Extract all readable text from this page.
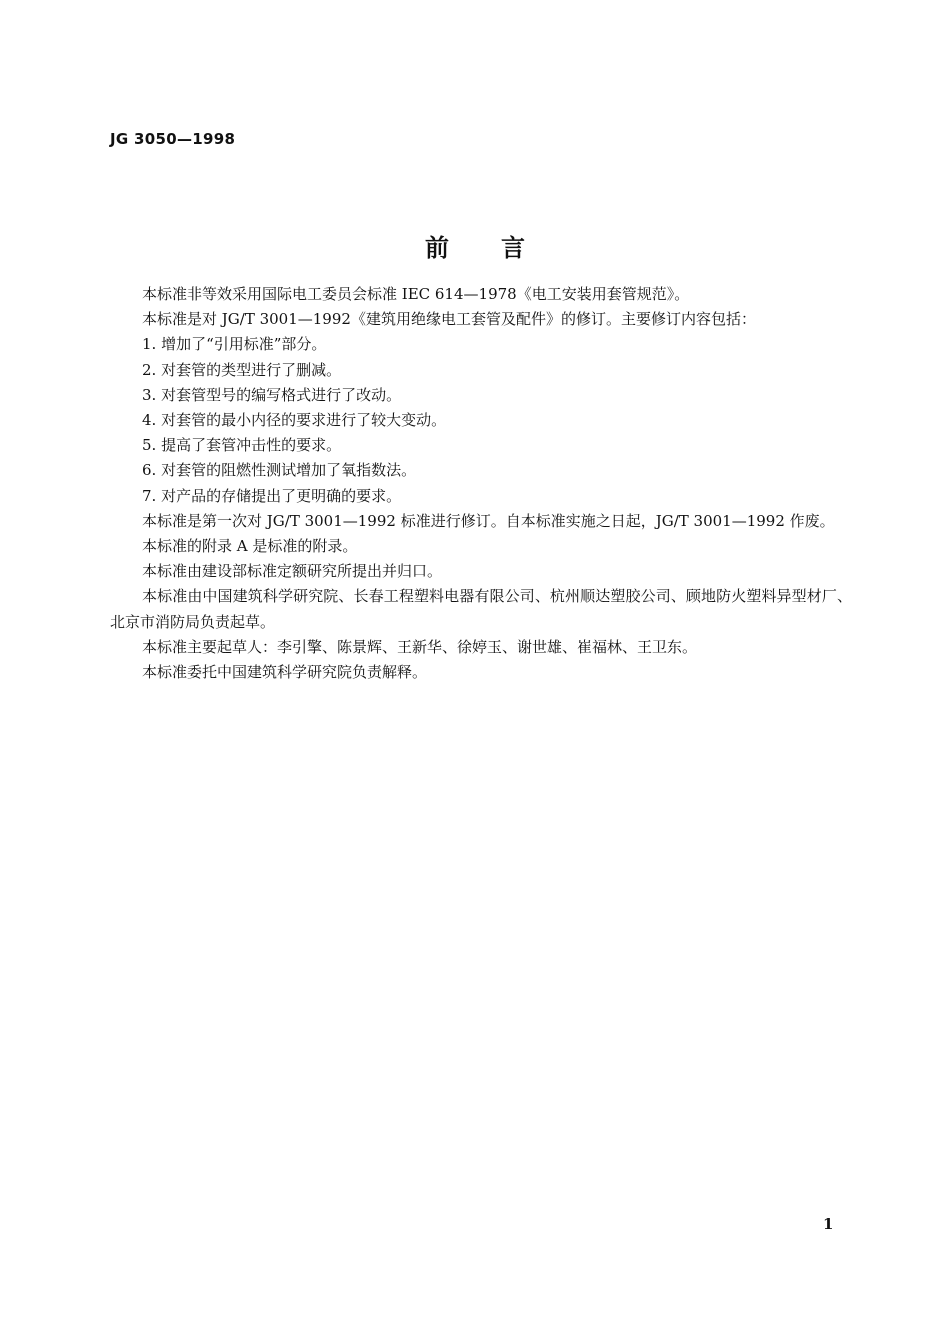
JG 3050—1998
前言

本标准非等效采用国际电工委员会标准 IEC 614—1978《电工安装用套管规范》。

本标准是对 JG/T 3001—1992《建筑用绝缘电工套管及配件》的修订。主要修订内容包括：

1. 增加了“引用标准”部分。

2. 对套管的类型进行了删减。

3. 对套管型号的编写格式进行了改动。

4. 对套管的最小内径的要求进行了较大变动。

5. 提高了套管冲击性的要求。

6. 对套管的阻燃性测试增加了氧指数法。

7. 对产品的存储提出了更明确的要求。

本标准是第一次对 JG/T 3001—1992 标准进行修订。自本标准实施之日起，JG/T 3001—1992 作废。

本标准的附录 A 是标准的附录。

本标准由建设部标准定额研究所提出并归口。

本标准由中国建筑科学研究院、长春工程塑料电器有限公司、杭州顺达塑胶公司、顾地防火塑料异型材厂、北京市消防局负责起草。

本标准主要起草人：李引擎、陈景辉、王新华、徐婷玉、谢世雄、崔福林、王卫东。

本标准委托中国建筑科学研究院负责解释。

1
